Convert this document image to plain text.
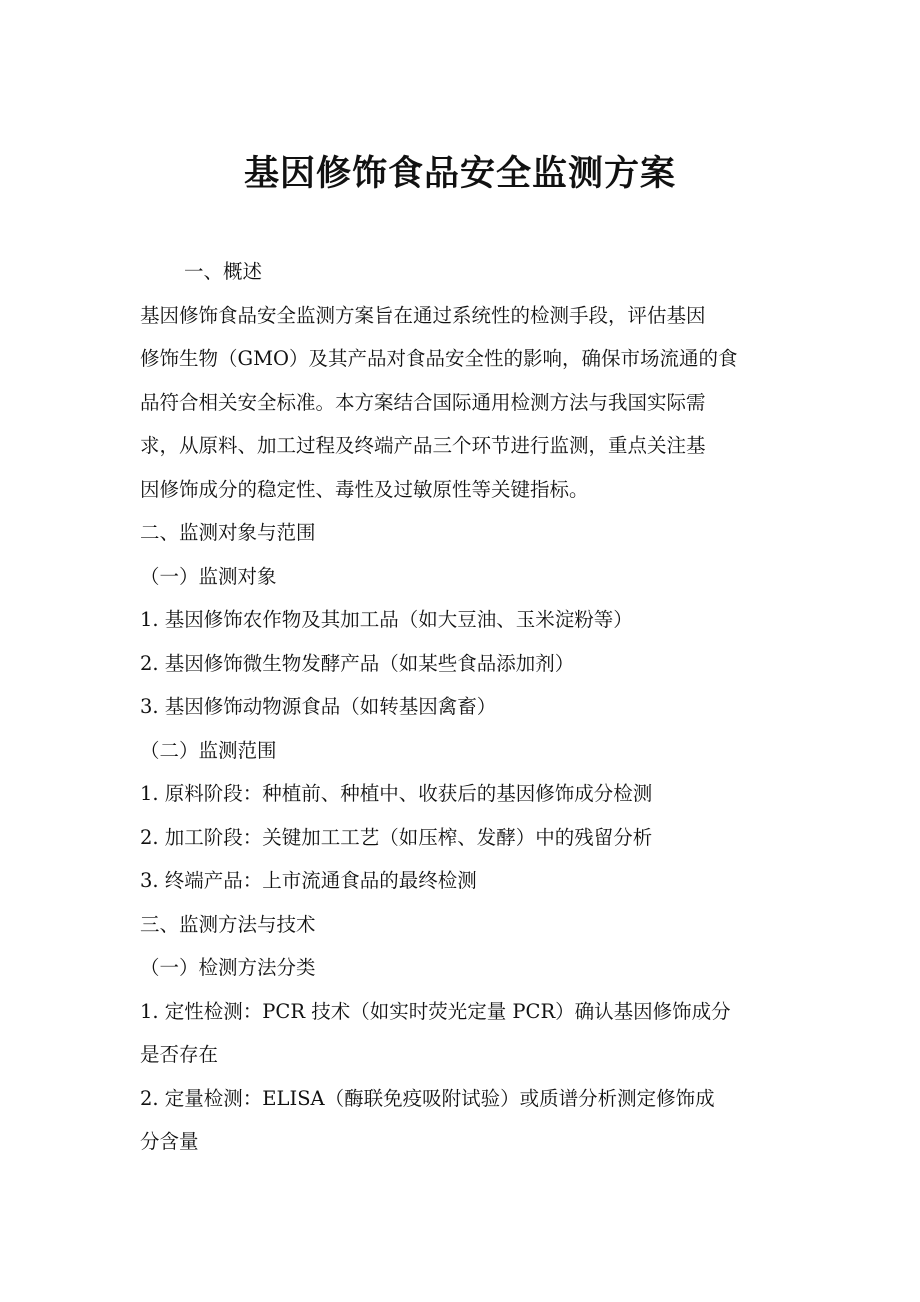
基因修饰食品安全监测方案
一、概述
基因修饰食品安全监测方案旨在通过系统性的检测手段，评估基因
修饰生物（GMO）及其产品对食品安全性的影响，确保市场流通的食
品符合相关安全标准。本方案结合国际通用检测方法与我国实际需
求，从原料、加工过程及终端产品三个环节进行监测，重点关注基
因修饰成分的稳定性、毒性及过敏原性等关键指标。
二、监测对象与范围
（一）监测对象
1. 基因修饰农作物及其加工品（如大豆油、玉米淀粉等）
2. 基因修饰微生物发酵产品（如某些食品添加剂）
3. 基因修饰动物源食品（如转基因禽畜）
（二）监测范围
1. 原料阶段：种植前、种植中、收获后的基因修饰成分检测
2. 加工阶段：关键加工工艺（如压榨、发酵）中的残留分析
3. 终端产品：上市流通食品的最终检测
三、监测方法与技术
（一）检测方法分类
1. 定性检测：PCR 技术（如实时荧光定量 PCR）确认基因修饰成分
是否存在
2. 定量检测：ELISA（酶联免疫吸附试验）或质谱分析测定修饰成
分含量
